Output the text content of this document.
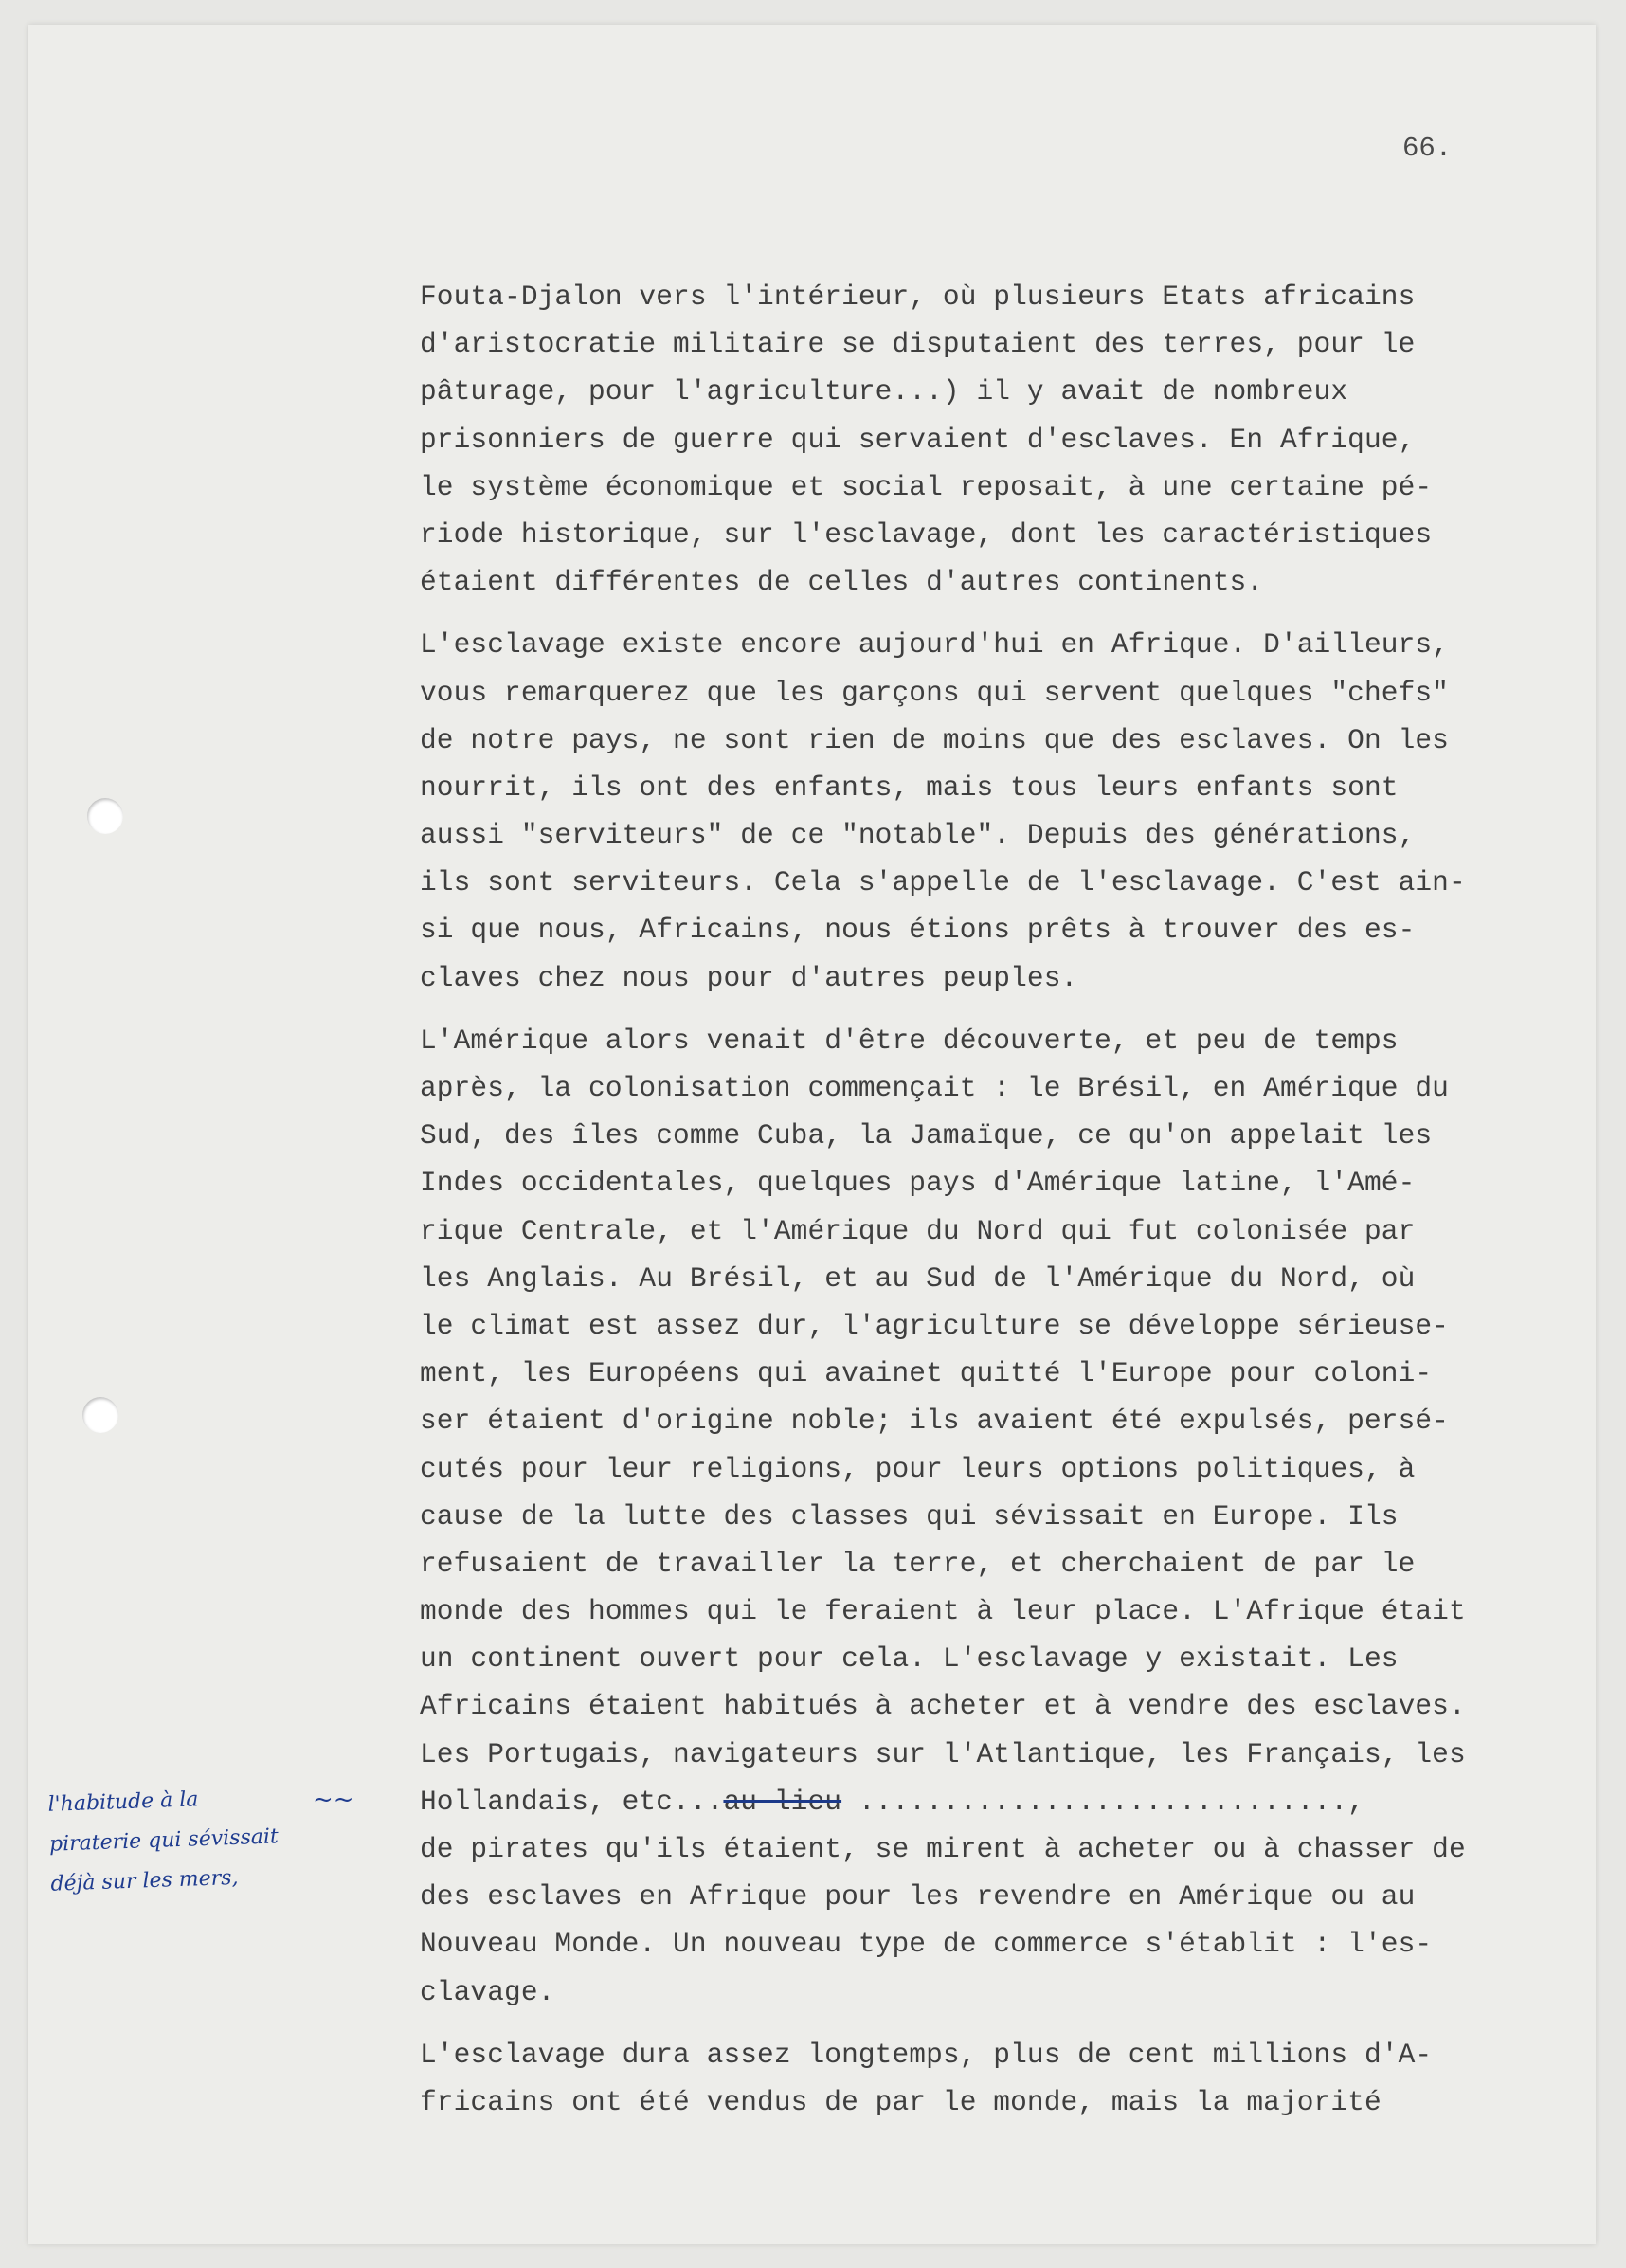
66.

Fouta-Djalon vers l'intérieur, où plusieurs Etats africains
d'aristocratie militaire se disputaient des terres, pour le
pâturage, pour l'agriculture...) il y avait de nombreux
prisonniers de guerre qui servaient d'esclaves. En Afrique,
le système économique et social reposait, à une certaine pé-
riode historique, sur l'esclavage, dont les caractéristiques
étaient différentes de celles d'autres continents.
L'esclavage existe encore aujourd'hui en Afrique. D'ailleurs,
vous remarquerez que les garçons qui servent quelques "chefs"
de notre pays, ne sont rien de moins que des esclaves. On les
nourrit, ils ont des enfants, mais tous leurs enfants sont
aussi "serviteurs" de ce "notable". Depuis des générations,
ils sont serviteurs. Cela s'appelle de l'esclavage. C'est ain-
si que nous, Africains, nous étions prêts à trouver des es-
claves chez nous pour d'autres peuples.
L'Amérique alors venait d'être découverte, et peu de temps
après, la colonisation commençait : le Brésil, en Amérique du
Sud, des îles comme Cuba, la Jamaïque, ce qu'on appelait les
Indes occidentales, quelques pays d'Amérique latine, l'Amé-
rique Centrale, et l'Amérique du Nord qui fut colonisée par
les Anglais. Au Brésil, et au Sud de l'Amérique du Nord, où
le climat est assez dur, l'agriculture se développe sérieuse-
ment, les Européens qui avainet quitté l'Europe pour coloni-
ser étaient d'origine noble; ils avaient été expulsés, persé-
cutés pour leur religions, pour leurs options politiques, à
cause de la lutte des classes qui sévissait en Europe. Ils
refusaient de travailler la terre, et cherchaient de par le
monde des hommes qui le feraient à leur place. L'Afrique était
un continent ouvert pour cela. L'esclavage y existait. Les
Africains étaient habitués à acheter et à vendre des esclaves.
Les Portugais, navigateurs sur l'Atlantique, les Français, les
Hollandais, etc...au lieu .............................,
de pirates qu'ils étaient, se mirent à acheter ou à chasser de
des esclaves en Afrique pour les revendre en Amérique ou au
Nouveau Monde. Un nouveau type de commerce s'établit : l'es-
clavage.
L'esclavage dura assez longtemps, plus de cent millions d'A-
fricains ont été vendus de par le monde, mais la majorité
l'habitude à la
piraterie qui sévissait
déjà sur les mers,
~~
